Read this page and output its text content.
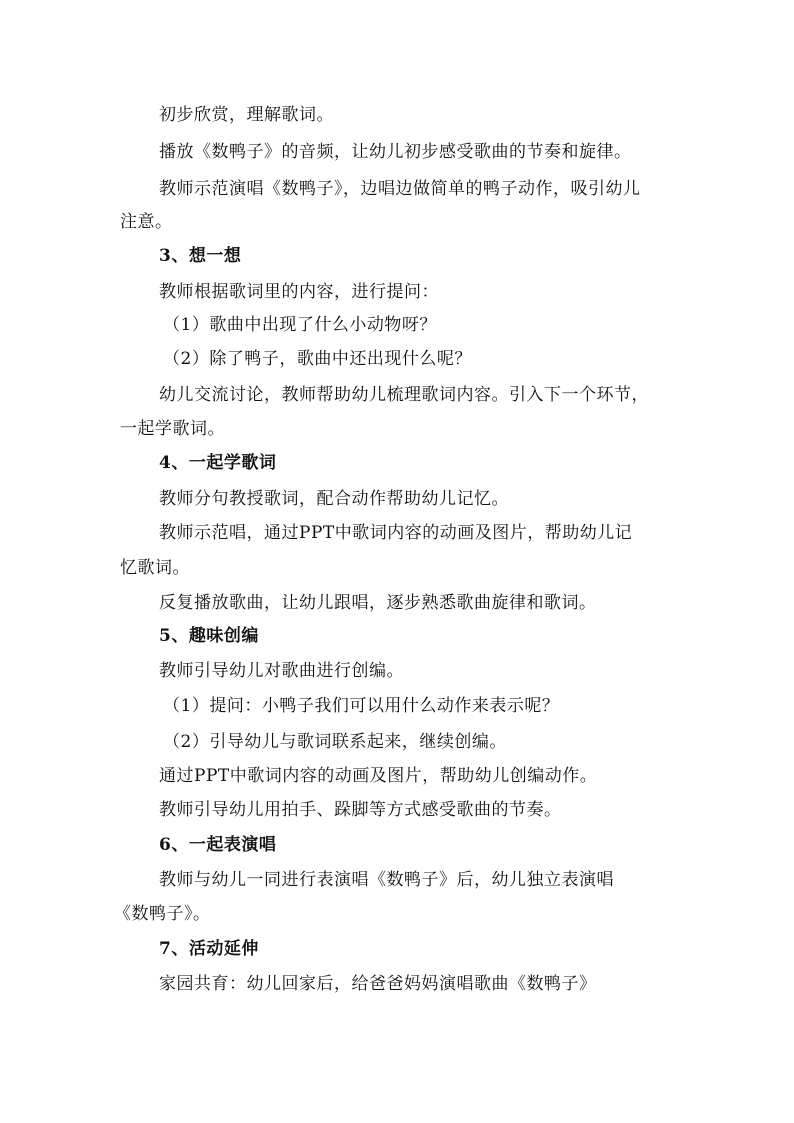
初步欣赏，理解歌词。
播放《数鸭子》的音频，让幼儿初步感受歌曲的节奏和旋律。
教师示范演唱《数鸭子》，边唱边做简单的鸭子动作，吸引幼儿
注意。
3、想一想
教师根据歌词里的内容，进行提问：
（1）歌曲中出现了什么小动物呀？
（2）除了鸭子，歌曲中还出现什么呢？
幼儿交流讨论，教师帮助幼儿梳理歌词内容。引入下一个环节，
一起学歌词。
4、一起学歌词
教师分句教授歌词，配合动作帮助幼儿记忆。
教师示范唱，通过PPT中歌词内容的动画及图片，帮助幼儿记
忆歌词。
反复播放歌曲，让幼儿跟唱，逐步熟悉歌曲旋律和歌词。
5、趣味创编
教师引导幼儿对歌曲进行创编。
（1）提问：小鸭子我们可以用什么动作来表示呢？
（2）引导幼儿与歌词联系起来，继续创编。
通过PPT中歌词内容的动画及图片，帮助幼儿创编动作。
教师引导幼儿用拍手、跺脚等方式感受歌曲的节奏。
6、一起表演唱
教师与幼儿一同进行表演唱《数鸭子》后，幼儿独立表演唱
《数鸭子》。
7、活动延伸
家园共育：幼儿回家后，给爸爸妈妈演唱歌曲《数鸭子》
